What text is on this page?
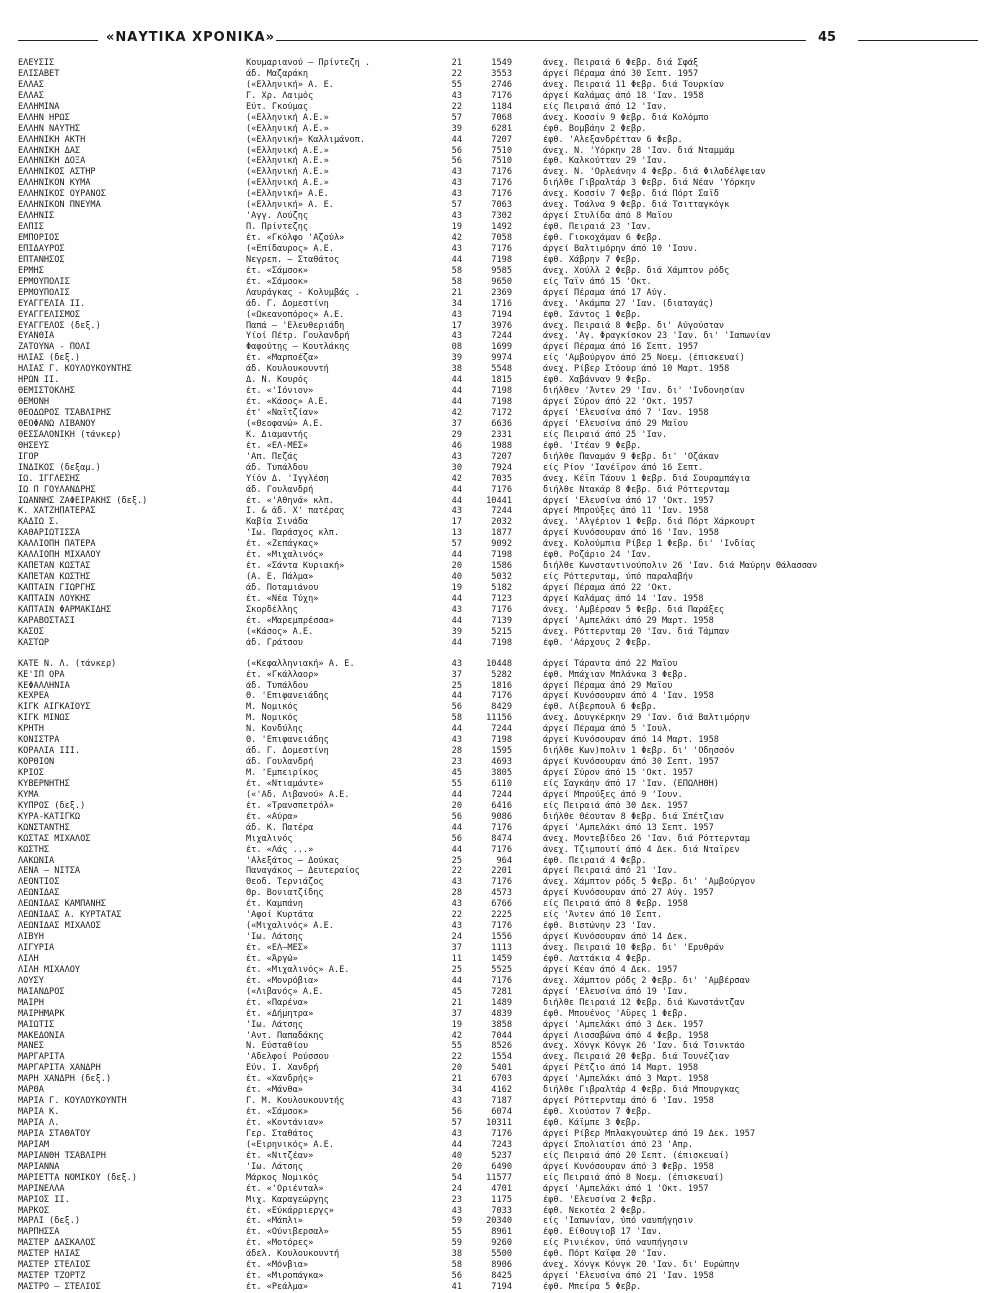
«ΝΑΥΤΙΚΑ ΧΡΟΝΙΚΑ»	45
ΕΛΕΥΣΙΣ	Κουμαριανού — Πρίντεζη .	21	1549	άνεχ. Πειραιά 6 Φεβρ. διά Σφάξ
ΕΛΙΣΑΒΕΤ	άδ. Μαζαράκη	22	3553	άργεί Πέραμα άπό 30 Σεπτ. 1957
ΕΛΛΑΣ	(«Ελληνική» Α. Ε.	55	2746	άνεχ. Πειραιά 11 Φεβρ. διά Τουρκίαν
ΕΛΛΑΣ	Γ. Χρ. Λαιμός	43	7176	άργεί Καλάμας άπό 18 'Ιαν. 1958
ΕΛΛΗΜΙΝΑ	Εύτ. Γκούμας	22	1184	είς Πειραιά άπό 12 'Ιαν.
ΕΛΛΗΝ ΗΡΩΣ	(«Ελληνική Α.Ε.»	57	7068	άνεχ. Κοσσίν 9 Φεβρ. διά Κολόμπο
ΕΛΛΗΝ ΝΑΥΤΗΣ	(«Ελληνική Α.Ε.»	39	6281	έφθ. Βομβάην 2 Φεβρ.
ΕΛΛΗΝΙΚΗ ΑΚΤΗ	(«Ελληνική» Καλλιμάνοπ.	44	7207	έφθ. 'Αλεξανδρέτταν 6 Φεβρ.
ΕΛΛΗΝΙΚΗ ΔΑΣ	(«Ελληνική Α.Ε.»	56	7510	άνεχ. Ν. 'Υόρκην 28 'Ιαν. διά Νταμμάμ
ΕΛΛΗΝΙΚΗ ΔΟΞΑ	(«Ελληνική Α.Ε.»	56	7510	έφθ. Καλκούτταν 29 'Ιαν.
ΕΛΛΗΝΙΚΟΣ ΑΣΤΗΡ	(«Ελληνική Α.Ε.»	43	7176	άνεχ. Ν. 'Ορλεάνην 4 Φεβρ. διά Φιλαδέλφειαν
ΕΛΛΗΝΙΚΟΝ ΚΥΜΑ	(«Ελληνική Α.Ε.»	43	7176	διήλθε Γιβραλτάρ 3 Φεβρ. διά Νέαν 'Υόρκην
ΕΛΛΗΝΙΚΟΣ ΟΥΡΑΝΟΣ	(«Ελληνική» Α.Ε.	43	7176	άνεχ. Κοσσίν 7 Φεβρ. διά Πόρτ Σαΐδ
ΕΛΛΗΝΙΚΟΝ ΠΝΕΥΜΑ	(«Ελληνική» Α. Ε.	57	7063	άνεχ. Τσάλνα 9 Φεβρ. διά Τσιτταγκόγκ
ΕΛΛΗΝΙΣ	'Αγγ. Λούζης	43	7302	άργεί Στυλίδα άπό 8 Μαΐου
ΕΛΠΙΣ	Π. Πρίντεζης	19	1492	έφθ. Πειραιά 23 'Ιαν.
ΕΜΠΟΡΙΟΣ	έτ. «Γκόλφο 'Αζούλ»	42	7058	έφθ. Γιοκοχάμαν 6 Φεβρ.
ΕΠΙΔΑΥΡΟΣ	(«Επίδαυρος» Α.Ε.	43	7176	άργεί Βαλτιμόρην άπό 10 'Ιουν.
ΕΠΤΑΝΗΣΟΣ	Νεγρεπ. — Σταθάτος	44	7198	έφθ. Χάβρην 7 Φεβρ.
ΕΡΜΗΣ	έτ. «Σάμσοκ»	58	9585	άνεχ. Χούλλ 2 Φεβρ. διά Χάμπτον ρόδς
ΕΡΜΟΥΠΟΛΙΣ	έτ. «Σάμσοκ»	58	9650	είς Ταΐν άπό 15 'Οκτ.
ΕΡΜΟΥΠΟΛΙΣ	Λαυράγκας - Κολυμβάς .	21	2369	άργεί Πέραμα άπό 17 Αύγ.
ΕΥΑΓΓΕΛΙΑ ΙΙ.	άδ. Γ. Δομεστίνη	34	1716	άνεχ. 'Ακάμπα 27 'Ιαν. (διαταγάς)
ΕΥΑΓΓΕΛΙΣΜΟΣ	(«Ωκεανοπόρος» Α.Ε.	43	7194	έφθ. Σάντος 1 Φεβρ.
ΕΥΑΓΓΕΛΟΣ (δεξ.)	Παπά — 'Ελευθεριάδη	17	3976	άνεχ. Πειραιά 8 Φεβρ. δι' Αύγούσταν
ΕΥΑΝΘΙΑ	Υίοί Πέτρ. Γουλανδρή	43	7244	άνεχ. 'Αγ. Φραγκίσκον 23 'Ιαν. δι' 'Ιαπωνίαν
ΖΑΤΟΥΝΑ - ΠΟΛΙ	Φαφούτης — Κουτλάκης	08	1699	άργεί Πέραμα άπό 16 Σεπτ. 1957
ΗΛΙΑΣ (δεξ.)	έτ. «Μαρποέζα»	39	9974	είς 'Αμβούργον άπό 25 Νοεμ. (έπισκευαί)
ΗΛΙΑΣ Γ. ΚΟΥΛΟΥΚΟΥΝΤΗΣ	άδ. Κουλουκουντή	38	5548	άνεχ. Ρίβερ Στόουρ άπό 10 Μαρτ. 1958
ΗΡΩΝ ΙΙ.	Δ. Ν. Κουρός	44	1815	έφθ. Χαβάνναν 9 Φεβρ.
ΘΕΜΙΣΤΟΚΛΗΣ	έτ. «'Ιόνιον»	44	7198	διήλθεν 'Άντεν 29 'Ιαν. δι' 'Ινδονησίαν
ΘΕΜΟΝΗ	έτ. «Κάσος» Α.Ε.	44	7198	άργεί Σύρον άπό 22 'Οκτ. 1957
ΘΕΟΔΩΡΟΣ ΤΣΑΒΛΙΡΗΣ	έτ' «Ναϊτζίαν»	42	7172	άργεί 'Ελευσίνα άπό 7 'Ιαν. 1958
ΘΕΟΦΑΝΩ ΛΙΒΑΝΟΥ	(«Θεοφανώ» Α.Ε.	37	6636	άργεί 'Ελευσίνα άπό 29 Μαΐου
ΘΕΣΣΑΛΟΝΙΚΗ (τάνκερ)	Κ. Διαμαντής	29	2331	είς Πειραιά άπό 25 'Ιαν.
ΘΗΣΕΥΣ	έτ. «ΕΛ-ΜΕΣ»	46	1988	έφθ. 'Ιτέαν 9 Φεβρ.
ΙΓΟΡ	'Απ. Πεζάς	43	7207	διήλθε Παναμάν 9 Φεβρ. δι' 'Οζάκαν
ΙΝΔΙΚΟΣ (δεξαμ.)	άδ. Τυπάλδου	30	7924	είς Ρίον 'Ιανέϊρον άπό 16 Σεπτ.
ΙΩ. ΙΓΓΛΕΣΗΣ	Υίόν Δ. 'Ιγγλέση	42	7035	άνεχ. Κέϊπ Τάουν 1 Φεβρ. διά Σουραμπάγια
ΙΩ Π ΓΟΥΛΑΝΔΡΗΣ	άδ. Γουλανδρή	44	7176	διήλθε Ντακάρ 8 Φεβρ. διά Ρόττερνταμ
ΙΩΑΝΝΗΣ ΖΑΦΕΙΡΑΚΗΣ (δεξ.)	έτ. «'Αθηνά» κλπ.	44	10441	άργεί 'Ελευσίνα άπό 17 'Οκτ. 1957
Κ. ΧΑΤΖΗΠΑΤΕΡΑΣ	Ι. & άδ. Χ' πατέρας	43	7244	άργεί Μπρούξες άπό 11 'Ιαν. 1958
ΚΑΔΙΩ Σ.	Καβία Σινάδα	17	2032	άνεχ. 'Αλγέριον 1 Φεβρ. διά Πόρτ Χάρκουρτ
ΚΑΘΑΡΙΩΤΙΣΣΑ	'Ιω. Παράσχος κλπ.	13	1877	άργεί Κυνόσουραν άπό 16 'Ιαν. 1958
ΚΑΛΛΙΟΠΗ ΠΑΤΕΡΑ	έτ. «Ζεπάγκας»	57	9092	άνεχ. Κολούμπια Ρίβερ 1 Φεβρ. δι' 'Ινδίας
ΚΑΛΛΙΟΠΗ ΜΙΧΑΛΟΥ	έτ. «Μιχαλινός»	44	7198	έφθ. Ροζάριο 24 'Ιαν.
ΚΑΠΕΤΑΝ ΚΩΣΤΑΣ	έτ. «Σάντα Κυριακή»	20	1586	διήλθε Κωνσταντινούπολιν 26 'Ιαν. διά Μαύρην Θάλασσαν
ΚΑΠΕΤΑΝ ΚΩΣΤΗΣ	(Α. Ε. Πάλμα»	40	5032	είς Ρόττερνταμ, ύπό παραλαβήν
ΚΑΠΤΑΙΝ ΓΙΩΡΓΗΣ	άδ. Ποταμιάνου	19	5182	άργεί Πέραμα άπό 22 'Οκτ.
ΚΑΠΤΑΙΝ ΛΟΥΚΗΣ	έτ. «Νέα Τύχη»	44	7123	άργεί Καλάμας άπό 14 'Ιαν. 1958
ΚΑΠΤΑΙΝ ΦΑΡΜΑΚΙΔΗΣ	Σκορδέλλης	43	7176	άνεχ. 'Αμβέρσαν 5 Φεβρ. διά Παράξες
ΚΑΡΑΒΟΣΤΑΣΙ	έτ. «Μαρεμπρέσσα»	44	7139	άργεί 'Αμπελάκι άπό 29 Μαρτ. 1958
ΚΑΣΟΣ	(«Κάσος» Α.Ε.	39	5215	άνεχ. Ρόττερνταμ 20 'Ιαν. διά Τάμπαν
ΚΑΣΤΩΡ	άδ. Γράτσου	44	7198	έφθ. 'Αάρχους 2 Φεβρ.
ΚΑΤΕ Ν. Λ. (τάνκερ)	(«Κεφαλληνιακή» Α. Ε.	43	10448	άργεί Τάραντα άπό 22 Μαΐου
ΚΕ'ΪΠ ΟΡΑ	έτ. «Γκάλλαορ»	37	5282	έφθ. Μπάχιαν Μπλάνκα 3 Φεβρ.
ΚΕΦΑΛΛΗΝΙΑ	άδ. Τυπάλδου	25	1816	άργεί Πέραμα άπό 29 Μαΐου
ΚΕΧΡΕΑ	Θ. 'Επιφανειάδης	44	7176	άργεί Κυνόσουραν άπό 4 'Ιαν. 1958
ΚΙΓΚ ΑΙΓΚΑΙΟΥΣ	Μ. Νομικός	56	8429	έφθ. Λίβερπουλ 6 Φεβρ.
ΚΙΓΚ ΜΙΝΩΣ	Μ. Νομικός	58	11156	άνεχ. Δουγκέρκην 29 'Ιαν. διά Βαλτιμόρην
ΚΡΗΤΗ	Ν. Κονδύλης	44	7244	άργεί Πέραμα άπό 5 'Ιουλ.
ΚΟΝΙΣΤΡΑ	Θ. 'Επιφανειάδης	43	7198	άργεί Κυνόσουραν άπό 14 Μαρτ. 1958
ΚΟΡΑΛΙΑ ΙΙΙ.	άδ. Γ. Δομεστίνη	28	1595	διήλθε Κων)πολιν 1 Φεβρ. δι' 'Οδησσόν
ΚΟΡΘΙΟΝ	άδ. Γουλανδρή	23	4693	άργεί Κυνόσουραν άπό 30 Σεπτ. 1957
ΚΡΙΟΣ	Μ. 'Εμπειρίκος	45	3805	άργεί Σύρον άπό 15 'Οκτ. 1957
ΚΥΒΕΡΝΗΤΗΣ	έτ. «Ντιαμάντε»	55	6110	είς Σαγκάην άπό 17 'Ιαν. (ΕΠΩΛΗΘΗ)
ΚΥΜΑ	(«'Αδ. Λιβανού» Α.Ε.	44	7244	άργεί Μπρούξες άπό 9 'Ιουν.
ΚΥΠΡΟΣ (δεξ.)	έτ. «Τρανσπετρόλ»	20	6416	είς Πειραιά άπό 30 Δεκ. 1957
ΚΥΡΑ-ΚΑΤΙΓΚΩ	έτ. «Αύρα»	56	9086	διήλθε Θέουταν 8 Φεβρ. διά Σπέτζιαν
ΚΩΝΣΤΑΝΤΗΣ	άδ. Κ. Πατέρα	44	7176	άργεί 'Αμπελάκι άπό 13 Σεπτ. 1957
ΚΩΣΤΑΣ ΜΙΧΑΛΟΣ	Μιχαλινός	56	8474	άνεχ. Μοντεβίδεο 26 'Ιαν. διά Ρόττερνταμ
ΚΩΣΤΗΣ	έτ. «Λάς ...»	44	7176	άνεχ. Τζιμπουτί άπό 4 Δεκ. διά Νταΐρεν
ΛΑΚΩΝΙΑ	'Αλεξάτος — Δούκας	25	964	έφθ. Πειραιά 4 Φεβρ.
ΛΕΝΑ — ΝΙΤΣΑ	Παναγάκος — Δευτεραίος	22	2201	άργεί Πειραιά άπό 21 'Ιαν.
ΛΕΟΝΤΙΟΣ	Θεοδ. Τερνιάζος	43	7176	άνεχ. Χάμπτον ρόδς 5 Φεβρ. δι' 'Αμβούργον
ΛΕΩΝΙΔΑΣ	Θρ. Βονιατζίδης	28	4573	άργεί Κυνόσουραν άπό 27 Αύγ. 1957
ΛΕΩΝΙΔΑΣ ΚΑΜΠΑΝΗΣ	έτ. Καμπάνη	43	6766	είς Πειραιά άπό 8 Φεβρ. 1958
ΛΕΩΝΙΔΑΣ Α. ΚΥΡΤΑΤΑΣ	'Αφοί Κυρτάτα	22	2225	είς 'Άντεν άπό 10 Σεπτ.
ΛΕΩΝΙΔΑΣ ΜΙΧΑΛΟΣ	(«Μιχαλινός» Α.Ε.	43	7176	έφθ. Βιστώνην 23 'Ιαν.
ΛΙΒΥΗ	'Ιω. Λάτσης	24	1556	άργεί Κυνόσουραν άπό 14 Δεκ.
ΛΙΓΥΡΙΑ	έτ. «ΕΛ—ΜΕΣ»	37	1113	άνεχ. Πειραιά 10 Φεβρ. δι' 'Ερυθράν
ΛΙΛΗ	έτ. «Άργώ»	11	1459	έφθ. Λαττάκια 4 Φεβρ.
ΛΙΛΗ ΜΙΧΑΛΟΥ	έτ. «Μιχαλινός» Α.Ε.	25	5525	άργεί Κέαν άπό 4 Δεκ. 1957
ΛΟΥΣΥ	έτ. «Μονρόβια»	44	7176	άνεχ. Χάμπτον ρόδς 2 Φεβρ. δι' 'Αμβέρσαν
ΜΑΙΑΝΔΡΟΣ	(«Λιβανός» Α.Ε.	45	7281	άργεί 'Ελευσίνα άπό 19 'Ιαν.
ΜΑΙΡΗ	έτ. «Παρένα»	21	1489	διήλθε Πειραιά 12 Φεβρ. διά Κωνστάντζαν
ΜΑΙΡΗΜΑΡΚ	έτ. «Δήμητρα»	37	4839	έφθ. Μπουένος 'Αϋρες 1 Φεβρ.
ΜΑΙΩΤΙΣ	'Ιω. Λάτσης	19	3858	άργεί 'Αμπελάκι άπό 3 Δεκ. 1957
ΜΑΚΕΔΟΝΙΑ	'Αντ. Παπαδάκης	42	7044	άργεί Λισσαβώνα άπό 4 Φεβρ. 1958
ΜΑΝΕΣ	Ν. Εύσταθίου	55	8526	άνεχ. Χόνγκ Κόνγκ 26 'Ιαν. διά Τσινκτάο
ΜΑΡΓΑΡΙΤΑ	'Αδελφοί Ρούσσου	22	1554	άνεχ. Πειραιά 20 Φεβρ. διά Τουνέζιαν
ΜΑΡΓΑΡΙΤΑ ΧΑΝΔΡΗ	Εύν. Ι. Χανδρή	20	5401	άργεί Ρέτζιο άπό 14 Μαρτ. 1958
ΜΑΡΗ ΧΑΝΔΡΗ (δεξ.)	έτ. «Χανδρής»	21	6703	άργεί 'Αμπελάκι άπό 3 Μαρτ. 1958
ΜΑΡΘΑ	έτ. «Μάνθα»	34	4162	διήλθε Γιβραλτάρ 4 Φεβρ. διά Μπουργκας
ΜΑΡΙΑ Γ. ΚΟΥΛΟΥΚΟΥΝΤΗ	Γ. Μ. Κουλουκουντής	43	7187	άργεί Ρόττερνταμ άπό 6 'Ιαν. 1958
ΜΑΡΙΑ Κ.	έτ. «Σάμσοκ»	56	6074	έφθ. Χιούστον 7 Φεβρ.
ΜΑΡΙΑ Λ.	έτ. «Κοντάνιαν»	57	10311	έφθ. Κάϊμπε 3 Φεβρ.
ΜΑΡΙΑ ΣΤΑΘΑΤΟΥ	Γερ. Σταθάτος	43	7176	άργεί Ρίβερ Μπλακγουώτερ άπό 19 Δεκ. 1957
ΜΑΡΙΑΜ	(«Ειρηνικός» Α.Ε.	44	7243	άργεί Σπολιατίσι άπό 23 'Απρ.
ΜΑΡΙΑΝΘΗ ΤΣΑΒΛΙΡΗ	έτ. «Νιτζέαν»	40	5237	είς Πειραιά άπό 20 Σεπτ. (έπισκευαί)
ΜΑΡΙΑΝΝΑ	'Ιω. Λάτσης	20	6490	άργεί Κυνόσουραν άπό 3 Φεβρ. 1958
ΜΑΡΙΕΤΤΑ ΝΟΜΙΚΟΥ (δεξ.)	Μάρκος Νομικός	54	11577	είς Πειραιά άπό 8 Νοεμ. (έπισκευαί)
ΜΑΡΙΝΕΛΛΑ	έτ. «'Οριένταλ»	24	4701	άργεί 'Αμπελάκι άπό 1 'Οκτ. 1957
ΜΑΡΙΟΣ ΙΙ.	Μιχ. Καραγεώργης	23	1175	έφθ. 'Ελευσίνα 2 Φεβρ.
ΜΑΡΚΟΣ	έτ. «Εύκάρριεργς»	43	7033	έφθ. Νεκοτέα 2 Φεβρ.
ΜΑΡΛΙ (δεξ.)	έτ. «Μάπλι»	59	20340	είς 'Ιαπωνίαν, ύπό ναυπήγησιν
ΜΑΡΠΗΣΣΑ	έτ. «Ούνιβερσαλ»	55	8961	έφθ. Είθουγιοβ 17 'Ιαν.
ΜΑΣΤΕΡ ΔΑΣΚΑΛΟΣ	έτ. «Μοτόρες»	59	9260	είς Ρινιέκον, ύπό ναυπήγησιν
ΜΑΣΤΕΡ ΗΛΙΑΣ	άδελ. Κουλουκουντή	38	5500	έφθ. Πόρτ Καϊφα 20 'Ιαν.
ΜΑΣΤΕΡ ΣΤΕΛΙΟΣ	έτ. «Μόνβια»	58	8906	άνεχ. Χόνγκ Κόνγκ 20 'Ιαν. δι' Ευρώπην
ΜΑΣΤΕΡ ΤΖΟΡΤΖ	έτ. «Μιροπάγκα»	56	8425	άργεί 'Ελευσίνα άπό 21 'Ιαν. 1958
ΜΑΣΤΡΟ — ΣΤΕΛΙΟΣ	έτ. «Ρεάλμα»	41	7194	έφθ. Μπείρα 5 Φεβρ.
